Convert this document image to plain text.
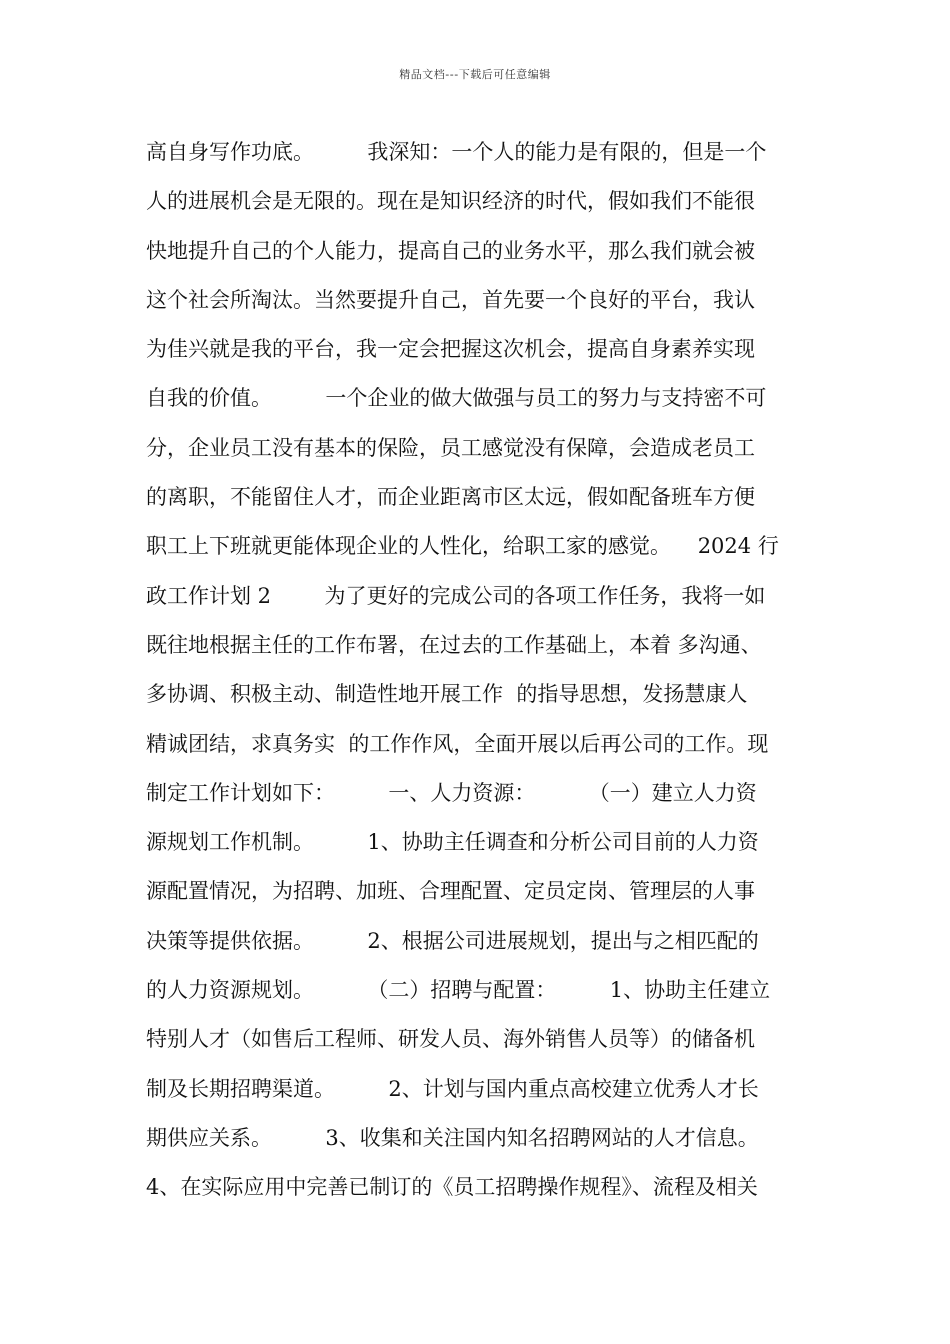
精品文档---下载后可任意编辑
高自身写作功底。        我深知：一个人的能力是有限的，但是一个
人的进展机会是无限的。现在是知识经济的时代，假如我们不能很
快地提升自己的个人能力，提高自己的业务水平，那么我们就会被
这个社会所淘汰。当然要提升自己，首先要一个良好的平台，我认
为佳兴就是我的平台，我一定会把握这次机会，提高自身素养实现
自我的价值。        一个企业的做大做强与员工的努力与支持密不可
分，企业员工没有基本的保险，员工感觉没有保障，会造成老员工
的离职，不能留住人才，而企业距离市区太远，假如配备班车方便
职工上下班就更能体现企业的人性化，给职工家的感觉。    2024 行
政工作计划 2        为了更好的完成公司的各项工作任务，我将一如
既往地根据主任的工作布署，在过去的工作基础上，本着 多沟通、
多协调、积极主动、制造性地开展工作  的指导思想，发扬慧康人
精诚团结，求真务实  的工作作风，全面开展以后再公司的工作。现
制定工作计划如下：        一、人力资源：        （一）建立人力资
源规划工作机制。        1、协助主任调查和分析公司目前的人力资
源配置情况，为招聘、加班、合理配置、定员定岗、管理层的人事
决策等提供依据。        2、根据公司进展规划，提出与之相匹配的
的人力资源规划。        （二）招聘与配置：        1、协助主任建立
特别人才（如售后工程师、研发人员、海外销售人员等）的储备机
制及长期招聘渠道。        2、计划与国内重点高校建立优秀人才长
期供应关系。        3、收集和关注国内知名招聘网站的人才信息。
4、在实际应用中完善已制订的《员工招聘操作规程》、流程及相关
